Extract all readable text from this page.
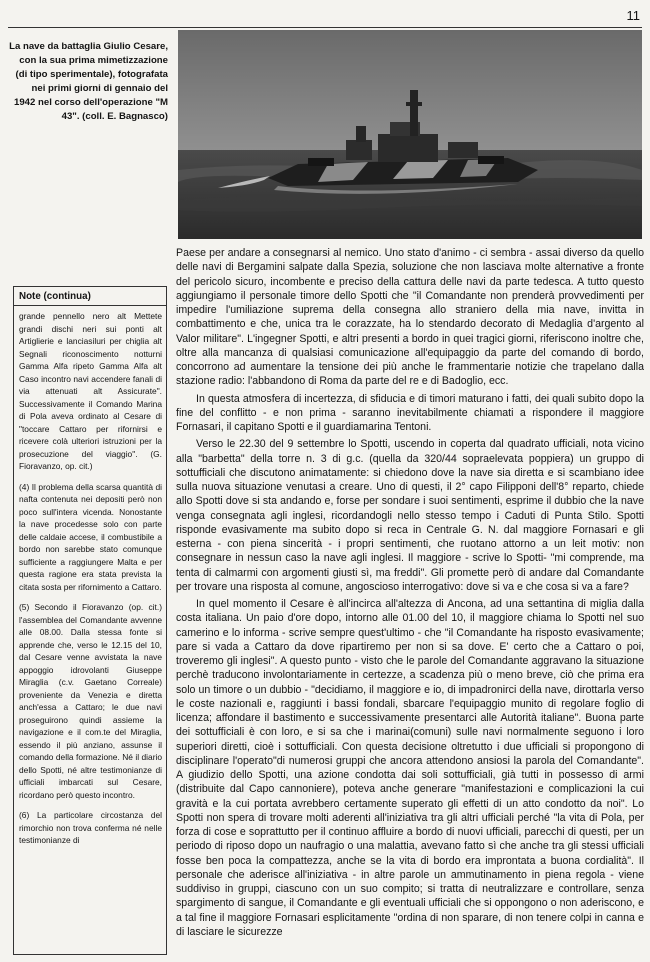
11
La nave da battaglia Giulio Cesare, con la sua prima mimetizzazione (di tipo sperimentale), fotografata nei primi giorni di gennaio del 1942 nel corso dell'operazione "M 43". (coll. E. Bagnasco)
Note (continua)

grande pennello nero alt Mettete grandi dischi neri sui ponti alt Artiglierie e lanciasiluri per chiglia alt Segnali riconoscimento notturni Gamma Alfa ripeto Gamma Alfa alt Caso incontro navi accendere fanali di via attenuati alt Assicurate". Successivamente il Comando Marina di Pola aveva ordinato al Cesare di "toccare Cattaro per rifornirsi e ricevere colà ulteriori istruzioni per la prosecuzione del viaggio". (G. Fioravanzo, op. cit.)

(4) Il problema della scarsa quantità di nafta contenuta nei depositi però non poco sull'intera vicenda. Nonostante la nave procedesse solo con parte delle caldaie accese, il combustibile a bordo non sarebbe stato comunque sufficiente a raggiungere Malta e per questa ragione era stata prevista la citata sosta per rifornimento a Cattaro.

(5) Secondo il Fioravanzo (op. cit.) l'assemblea del Comandante avvenne alle 08.00. Dalla stessa fonte si apprende che, verso le 12.15 del 10, dal Cesare venne avvistata la nave appoggio idrovolanti Giuseppe Miraglia (c.v. Gaetano Correale) proveniente da Venezia e diretta anch'essa a Cattaro; le due navi proseguirono quindi assieme la navigazione e il com.te del Miraglia, essendo il più anziano, assunse il comando della formazione. Né il diario dello Spotti, né altre testimonianze di ufficiali imbarcati sul Cesare, ricordano però questo incontro.

(6) La particolare circostanza del rimorchio non trova conferma né nelle testimonianze di

Paese per andare a consegnarsi al nemico. Uno stato d'animo - ci sembra - assai diverso da quello delle navi di Bergamini salpate dalla Spezia, soluzione che non lasciava molte alternative a fronte del pericolo sicuro, incombente e preciso della cattura delle navi da parte tedesca. A tutto questo aggiungiamo il personale timore dello Spotti che "il Comandante non prenderà provvedimenti per impedire l'umiliazione suprema della consegna allo straniero della mia nave, invitta in combattimento e che, unica tra le corazzate, ha lo stendardo decorato di Medaglia d'argento al Valor militare". L'ingegner Spotti, e altri presenti a bordo in quei tragici giorni, riferiscono inoltre che, oltre alla mancanza di qualsiasi comunicazione all'equipaggio da parte del comando di bordo, concorrono ad aumentare la tensione dei più anche le frammentarie notizie che trapelano dalla stazione radio: l'abbandono di Roma da parte del re e di Badoglio, ecc.

In questa atmosfera di incertezza, di sfiducia e di timori maturano i fatti, dei quali subito dopo la fine del conflitto - e non prima - saranno inevitabilmente chiamati a rispondere il maggiore Fornasari, il capitano Spotti e il guardiamarina Tentoni.

Verso le 22.30 del 9 settembre lo Spotti, uscendo in coperta dal quadrato ufficiali, nota vicino alla "barbetta" della torre n. 3 di g.c. (quella da 320/44 sopraelevata poppiera) un gruppo di sottufficiali che discutono animatamente: si chiedono dove la nave sia diretta e si scambiano idee sulla nuova situazione venutasi a creare. Uno di questi, il 2° capo Filipponi dell'8° reparto, chiede allo Spotti dove si sta andando e, forse per sondare i suoi sentimenti, esprime il dubbio che la nave venga consegnata agli inglesi, ricordandogli nello stesso tempo i Caduti di Punta Stilo. Spotti risponde evasivamente ma subito dopo si reca in Centrale G. N. dal maggiore Fornasari e gli esterna - con piena sincerità - i propri sentimenti, che ruotano attorno a un leit motiv: non consegnare in nessun caso la nave agli inglesi. Il maggiore - scrive lo Spotti- "mi comprende, ma tenta di calmarmi con argomenti giusti sì, ma freddi". Gli promette però di andare dal Comandante per trovare una risposta al comune, angoscioso interrogativo: dove si va e che cosa si va a fare?

In quel momento il Cesare è all'incirca all'altezza di Ancona, ad una settantina di miglia dalla costa italiana. Un paio d'ore dopo, intorno alle 01.00 del 10, il maggiore chiama lo Spotti nel suo camerino e lo informa - scrive sempre quest'ultimo - che "il Comandante ha risposto evasivamente; pare si vada a Cattaro da dove ripartiremo per non si sa dove. E' certo che a Cattaro o poi, troveremo gli inglesi". A questo punto - visto che le parole del Comandante aggravano la situazione perchè traducono involontariamente in certezze, a scadenza più o meno breve, ciò che prima era solo un timore o un dubbio - "decidiamo, il maggiore e io, di impadronirci della nave, dirottarla verso le coste nazionali e, raggiunti i bassi fondali, sbarcare l'equipaggio munito di regolare foglio di licenza; affondare il bastimento e successivamente presentarci alle Autorità italiane". Buona parte dei sottufficiali è con loro, e si sa che i marinai(comuni) sulle navi normalmente seguono i loro superiori diretti, cioè i sottufficiali. Con questa decisione oltretutto i due ufficiali si propongono di disciplinare l'operato"di numerosi gruppi che ancora attendono ansiosi la parola del Comandante". A giudizio dello Spotti, una azione condotta dai soli sottufficiali, già tutti in possesso di armi (distribuite dal Capo cannoniere), poteva anche generare "manifestazioni e complicazioni la cui gravità e la cui portata avrebbero certamente superato gli effetti di un atto condotto da noi". Lo Spotti non spera di trovare molti aderenti all'iniziativa tra gli altri ufficiali perché "la vita di Pola, per forza di cose e soprattutto per il continuo affluire a bordo di nuovi ufficiali, parecchi di questi, per un periodo di riposo dopo un naufragio o una malattia, avevano fatto sì che anche tra gli stessi ufficiali fosse ben poca la compattezza, anche se la vita di bordo era improntata a buona cordialità". Il personale che aderisce all'iniziativa - in altre parole un ammutinamento in piena regola - viene suddiviso in gruppi, ciascuno con un suo compito; si tratta di neutralizzare e controllare, senza spargimento di sangue, il Comandante e gli eventuali ufficiali che si oppongono o non aderiscono, e a tal fine il maggiore Fornasari esplicitamente "ordina di non sparare, di non tenere colpi in canna e di lasciare le sicurezze
